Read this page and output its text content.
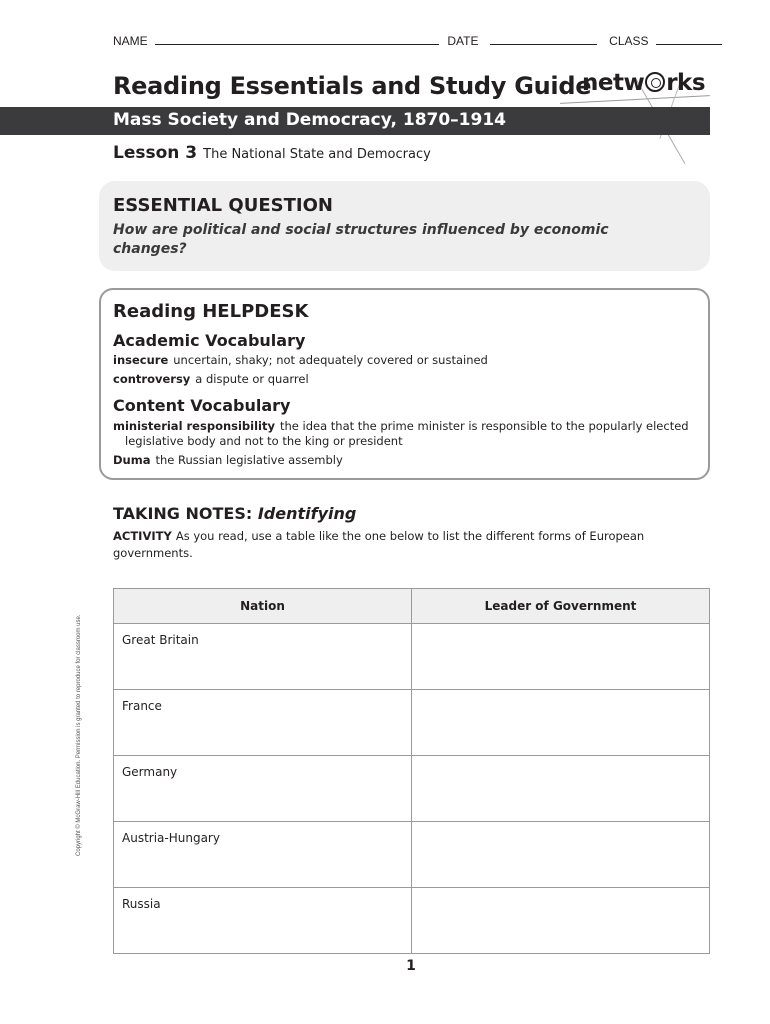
NAME	DATE	CLASS
Reading Essentials and Study Guide
netw rks
Mass Society and Democracy, 1870–1914
Lesson 3 The National State and Democracy
ESSENTIAL QUESTION
How are political and social structures influenced by economic changes?
Reading HELPDESK
Academic Vocabulary
insecure uncertain, shaky; not adequately covered or sustained
controversy a dispute or quarrel
Content Vocabulary
ministerial responsibility the idea that the prime minister is responsible to the popularly elected
legislative body and not to the king or president
Duma the Russian legislative assembly
TAKING NOTES: Identifying
ACTIVITY As you read, use a table like the one below to list the different forms of European governments.
Copyright © McGraw-Hill Education. Permission is granted to reproduce for classroom use.
Nation	Leader of Government
Great Britain	
France	
Germany	
Austria-Hungary	
Russia	
1
